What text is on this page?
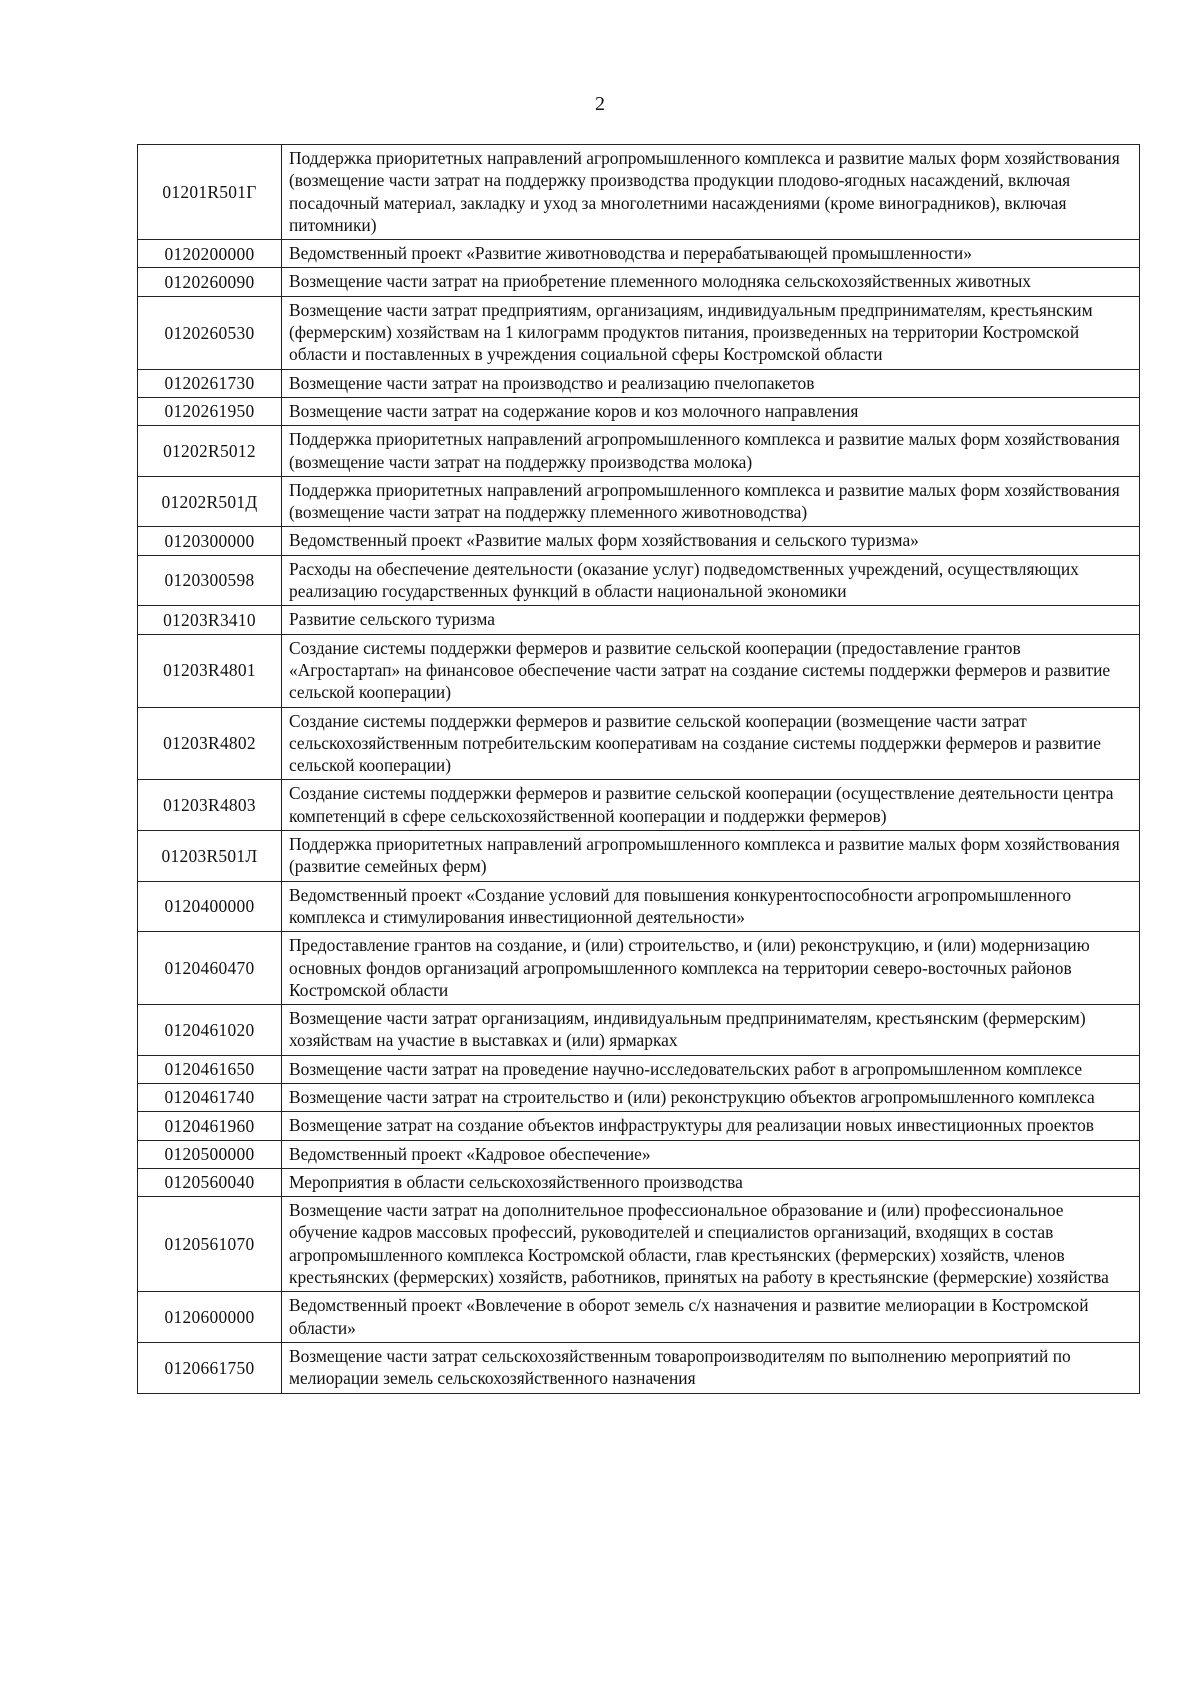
2
01201R501Г	Поддержка приоритетных направлений агропромышленного комплекса и развитие малых форм хозяйствования (возмещение части затрат на поддержку производства продукции плодово-ягодных насаждений, включая посадочный материал, закладку и уход за многолетними насаждениями (кроме виноградников), включая питомники)
0120200000	Ведомственный проект «Развитие животноводства и перерабатывающей промышленности»
0120260090	Возмещение части затрат на приобретение племенного молодняка сельскохозяйственных животных
0120260530	Возмещение части затрат предприятиям, организациям, индивидуальным предпринимателям, крестьянским (фермерским) хозяйствам на 1 килограмм продуктов питания, произведенных на территории Костромской области и поставленных в учреждения социальной сферы Костромской области
0120261730	Возмещение части затрат на производство и реализацию пчелопакетов
0120261950	Возмещение части затрат на содержание коров и коз молочного направления
01202R5012	Поддержка приоритетных направлений агропромышленного комплекса и развитие малых форм хозяйствования (возмещение части затрат на поддержку производства молока)
01202R501Д	Поддержка приоритетных направлений агропромышленного комплекса и развитие малых форм хозяйствования (возмещение части затрат на поддержку племенного животноводства)
0120300000	Ведомственный проект «Развитие малых форм хозяйствования и сельского туризма»
0120300598	Расходы на обеспечение деятельности (оказание услуг) подведомственных учреждений, осуществляющих реализацию государственных функций в области национальной экономики
01203R3410	Развитие сельского туризма
01203R4801	Создание системы поддержки фермеров и развитие сельской кооперации (предоставление грантов «Агростартап» на финансовое обеспечение части затрат на создание системы поддержки фермеров и развитие сельской кооперации)
01203R4802	Создание системы поддержки фермеров и развитие сельской кооперации (возмещение части затрат сельскохозяйственным потребительским кооперативам на создание системы поддержки фермеров и развитие сельской кооперации)
01203R4803	Создание системы поддержки фермеров и развитие сельской кооперации (осуществление деятельности центра компетенций в сфере сельскохозяйственной кооперации и поддержки фермеров)
01203R501Л	Поддержка приоритетных направлений агропромышленного комплекса и развитие малых форм хозяйствования (развитие семейных ферм)
0120400000	Ведомственный проект «Создание условий для повышения конкурентоспособности агропромышленного комплекса и стимулирования инвестиционной деятельности»
0120460470	Предоставление грантов на создание, и (или) строительство, и (или) реконструкцию, и (или) модернизацию основных фондов организаций агропромышленного комплекса на территории северо-восточных районов Костромской области
0120461020	Возмещение части затрат организациям, индивидуальным предпринимателям, крестьянским (фермерским) хозяйствам на участие в выставках и (или) ярмарках
0120461650	Возмещение части затрат на проведение научно-исследовательских работ в агропромышленном комплексе
0120461740	Возмещение части затрат на строительство и (или) реконструкцию объектов агропромышленного комплекса
0120461960	Возмещение затрат на создание объектов инфраструктуры для реализации новых инвестиционных проектов
0120500000	Ведомственный проект «Кадровое обеспечение»
0120560040	Мероприятия в области сельскохозяйственного производства
0120561070	Возмещение части затрат на дополнительное профессиональное образование и (или) профессиональное обучение кадров массовых профессий, руководителей и специалистов организаций, входящих в состав агропромышленного комплекса Костромской области, глав крестьянских (фермерских) хозяйств, членов крестьянских (фермерских) хозяйств, работников, принятых на работу в крестьянские (фермерские) хозяйства
0120600000	Ведомственный проект «Вовлечение в оборот земель с/х назначения и развитие мелиорации в Костромской области»
0120661750	Возмещение части затрат сельскохозяйственным товаропроизводителям по выполнению мероприятий по мелиорации земель сельскохозяйственного назначения
